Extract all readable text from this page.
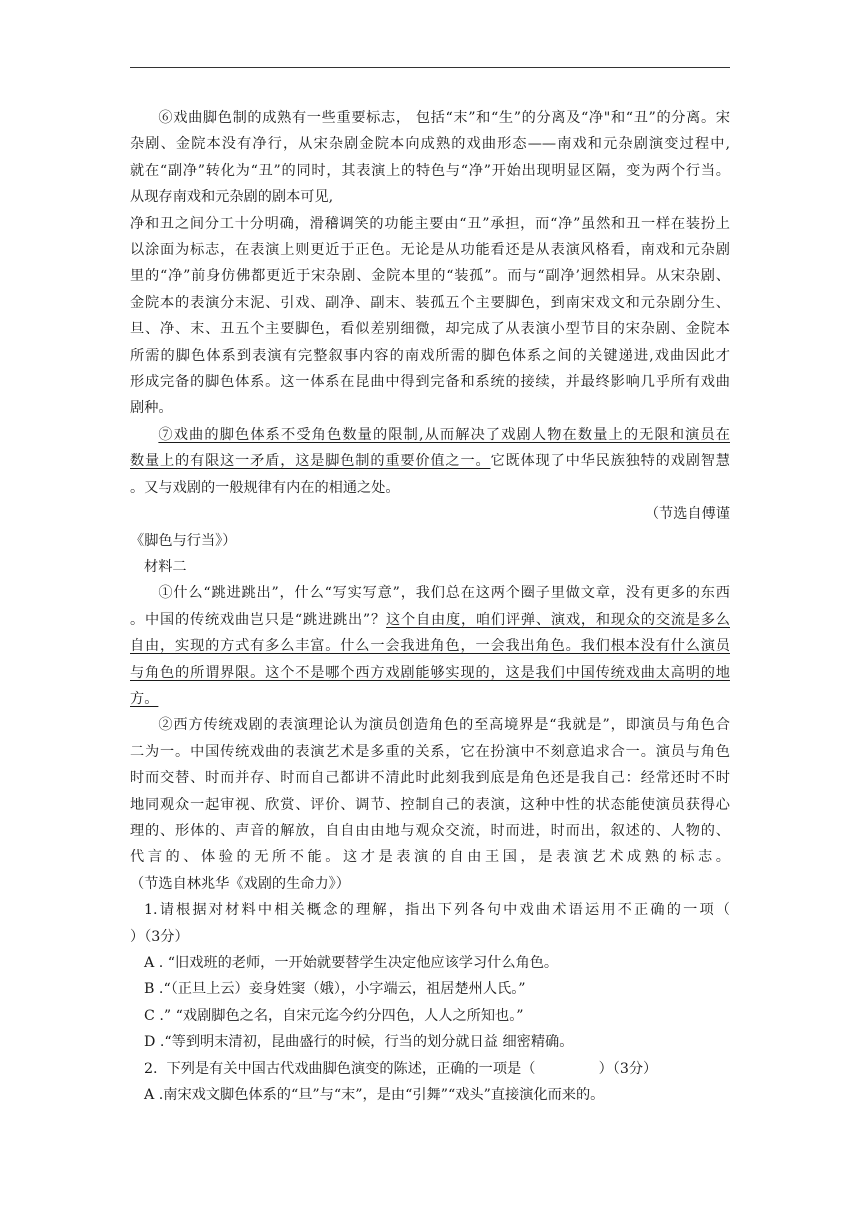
⑥戏曲脚色制的成熟有一些重要标志， 包括“末”和“生”的分离及“净"和“丑”的分离。宋

杂剧、金院本没有净行，从宋杂剧金院本向成熟的戏曲形态——南戏和元杂剧演变过程中,

就在“副净”转化为“丑”的同时，其表演上的特色与“净”开始出现明显区隔，变为两个行当。

从现存南戏和元杂剧的剧本可见,

净和丑之间分工十分明确，滑稽调笑的功能主要由“丑”承担，而“净”虽然和丑一样在装扮上

以涂面为标志，在表演上则更近于正色。无论是从功能看还是从表演风格看，南戏和元杂剧

里的“净”前身仿佛都更近于宋杂剧、金院本里的“装孤”。而与“副净’迥然相异。从宋杂剧、

金院本的表演分末泥、引戏、副净、副末、装孤五个主要脚色，到南宋戏文和元杂剧分生、

旦、净、末、丑五个主要脚色，看似差别细微，却完成了从表演小型节目的宋杂剧、金院本

所需的脚色体系到表演有完整叙事内容的南戏所需的脚色体系之间的关键递进,戏曲因此才

形成完备的脚色体系。这一体系在昆曲中得到完备和系统的接续，并最终影响几乎所有戏曲

剧种。

⑦戏曲的脚色体系不受角色数量的限制,从而解决了戏剧人物在数量上的无限和演员在

数量上的有限这一矛盾，这是脚色制的重要价值之一。它既体现了中华民族独特的戏剧智慧

。又与戏剧的一般规律有内在的相通之处。

（节选自傅谨

《脚色与行当》）

材料二

①什么“跳进跳出”，什么“写实写意”，我们总在这两个圈子里做文章，没有更多的东西

。中国的传统戏曲岂只是“跳进跳出”？这个自由度，咱们评弹、演戏，和现众的交流是多么

自由，实现的方式有多么丰富。什么一会我进角色，一会我出角色。我们根本没有什么演员

与角色的所谓界限。这个不是哪个西方戏剧能够实现的，这是我们中国传统戏曲太高明的地

方。

②西方传统戏剧的表演理论认为演员创造角色的至高境界是“我就是”，即演员与角色合

二为一。中国传统戏曲的表演艺术是多重的关系，它在扮演中不刻意追求合一。演员与角色

时而交替、时而并存、时而自己都讲不清此时此刻我到底是角色还是我自己：经常还时不时

地同观众一起审视、欣赏、评价、调节、控制自己的表演，这种中性的状态能使演员获得心

理的、形体的、声音的解放，自自由由地与观众交流，时而进，时而出，叙述的、人物的、

代言的、体验的无所不能。这才是表演的自由王国，是表演艺术成熟的标志。

（节选自林兆华《戏剧的生命力》）

1.请根据对材料中相关概念的理解，指出下列各句中戏曲术语运用不正确的一项（

）（3分）

A . “旧戏班的老师，一开始就要替学生决定他应该学习什么角色。

B .“（正旦上云）妾身姓窦（娥），小字端云，祖居楚州人氏。”

C .” “戏剧脚色之名，自宋元迄今约分四色，人人之所知也。”

D .“等到明末清初，昆曲盛行的时候，行当的划分就日益 细密精确。

2.  下列是有关中国古代戏曲脚色演变的陈述，正确的一项是（              ）（3分）

A .南宋戏文脚色体系的“旦”与“末”，是由“引舞”“戏头”直接演化而来的。
